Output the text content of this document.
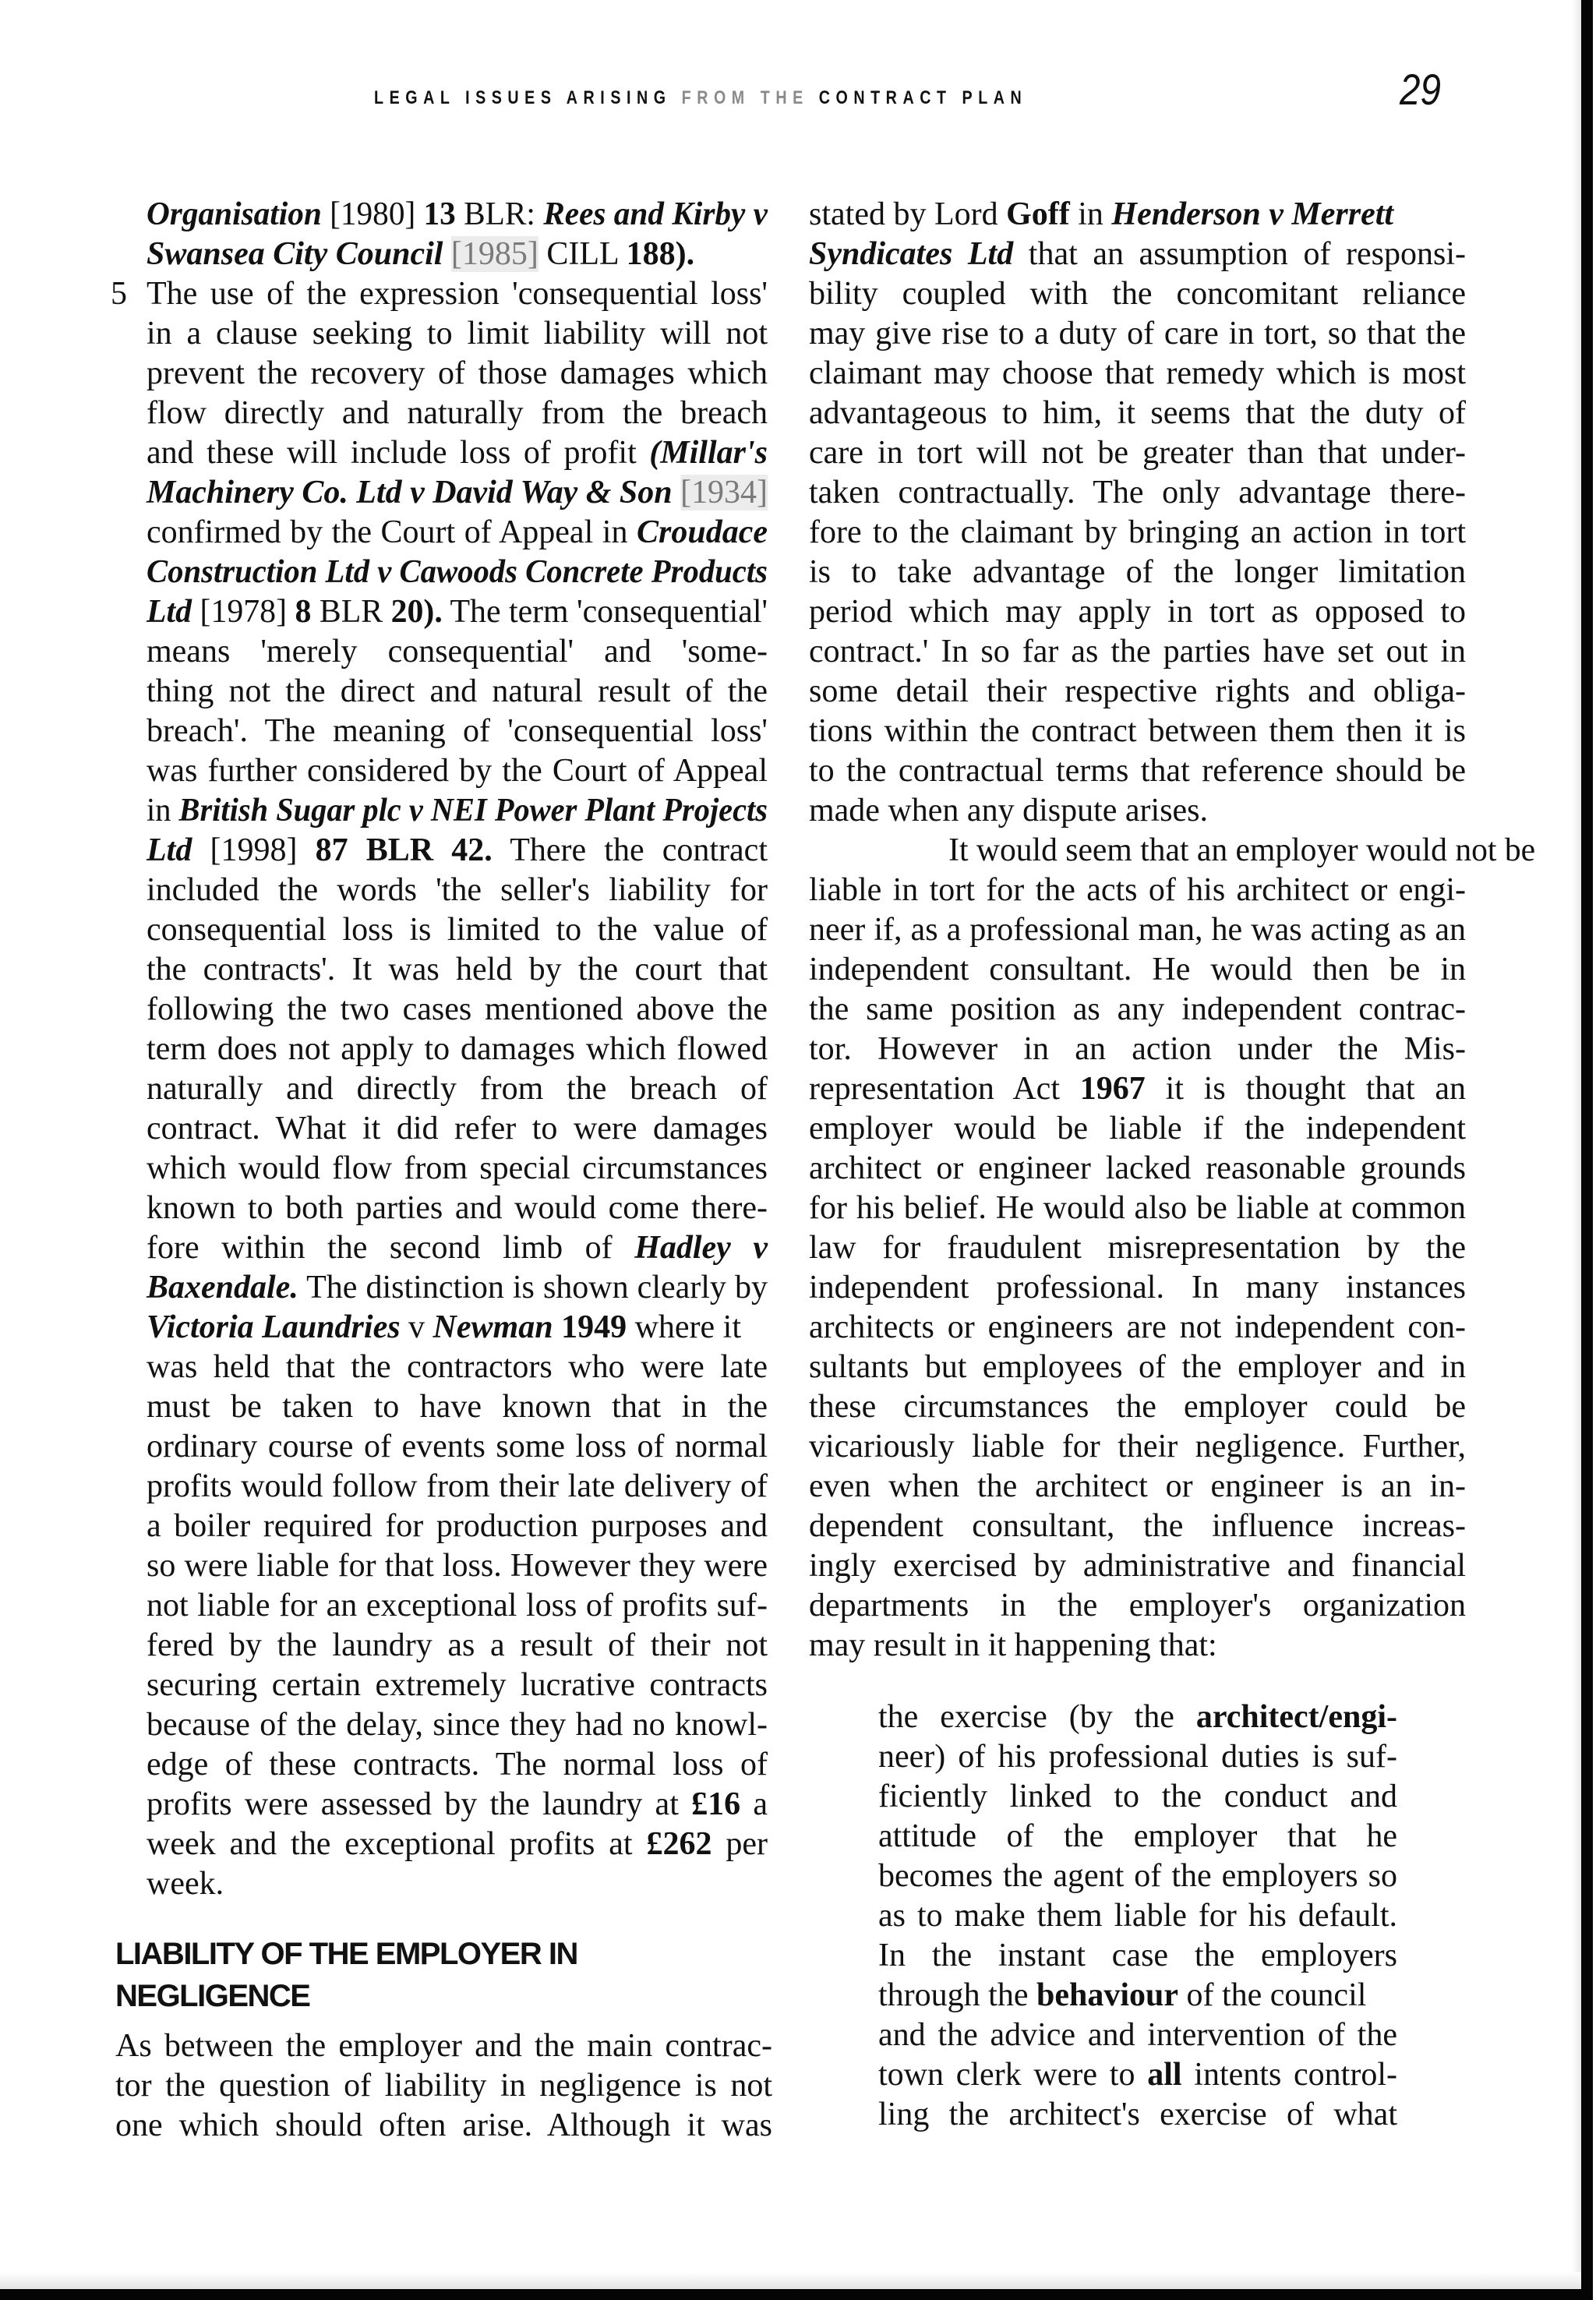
LEGAL ISSUES ARISING FROM THE CONTRACT PLAN	29
Organisation [1980] 13 BLR: Rees and Kirby v
Swansea City Council [1985] CILL 188).
The use of the expression 'consequential loss'
5
in a clause seeking to limit liability will not
prevent the recovery of those damages which
flow directly and naturally from the breach
and these will include loss of profit (Millar's
Machinery Co. Ltd v David Way & Son [1934]
confirmed by the Court of Appeal in Croudace
Construction Ltd v Cawoods Concrete Products
Ltd [1978] 8 BLR 20). The term 'consequential'
means 'merely consequential' and 'some-
thing not the direct and natural result of the
breach'. The meaning of 'consequential loss'
was further considered by the Court of Appeal
in British Sugar plc v NEI Power Plant Projects
Ltd [1998] 87 BLR 42. There the contract
included the words 'the seller's liability for
consequential loss is limited to the value of
the contracts'. It was held by the court that
following the two cases mentioned above the
term does not apply to damages which flowed
naturally and directly from the breach of
contract. What it did refer to were damages
which would flow from special circumstances
known to both parties and would come there-
fore within the second limb of Hadley v
Baxendale. The distinction is shown clearly by
Victoria Laundries v Newman 1949 where it
was held that the contractors who were late
must be taken to have known that in the
ordinary course of events some loss of normal
profits would follow from their late delivery of
a boiler required for production purposes and
so were liable for that loss. However they were
not liable for an exceptional loss of profits suf-
fered by the laundry as a result of their not
securing certain extremely lucrative contracts
because of the delay, since they had no knowl-
edge of these contracts. The normal loss of
profits were assessed by the laundry at £16 a
week and the exceptional profits at £262 per
week.
LIABILITY OF THE EMPLOYER IN
NEGLIGENCE
As between the employer and the main contrac-
tor the question of liability in negligence is not
one which should often arise. Although it was
stated by Lord Goff in Henderson v Merrett
Syndicates Ltd that an assumption of responsi-
bility coupled with the concomitant reliance
may give rise to a duty of care in tort, so that the
claimant may choose that remedy which is most
advantageous to him, it seems that the duty of
care in tort will not be greater than that under-
taken contractually. The only advantage there-
fore to the claimant by bringing an action in tort
is to take advantage of the longer limitation
period which may apply in tort as opposed to
contract.' In so far as the parties have set out in
some detail their respective rights and obliga-
tions within the contract between them then it is
to the contractual terms that reference should be
made when any dispute arises.
It would seem that an employer would not be
liable in tort for the acts of his architect or engi-
neer if, as a professional man, he was acting as an
independent consultant. He would then be in
the same position as any independent contrac-
tor. However in an action under the Mis-
representation Act 1967 it is thought that an
employer would be liable if the independent
architect or engineer lacked reasonable grounds
for his belief. He would also be liable at common
law for fraudulent misrepresentation by the
independent professional. In many instances
architects or engineers are not independent con-
sultants but employees of the employer and in
these circumstances the employer could be
vicariously liable for their negligence. Further,
even when the architect or engineer is an in-
dependent consultant, the influence increas-
ingly exercised by administrative and financial
departments in the employer's organization
may result in it happening that:
the exercise (by the architect/engi-
neer) of his professional duties is suf-
ficiently linked to the conduct and
attitude of the employer that he
becomes the agent of the employers so
as to make them liable for his default.
In the instant case the employers
through the behaviour of the council
and the advice and intervention of the
town clerk were to all intents control-
ling the architect's exercise of what
